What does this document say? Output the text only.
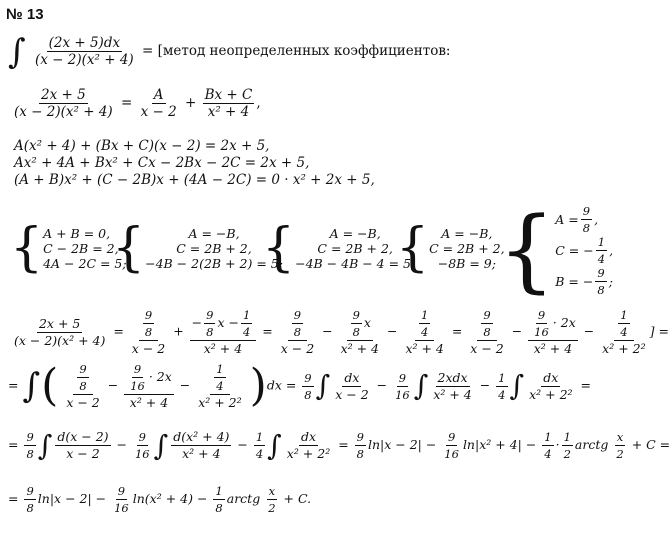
№ 13
∫ $\frac{(2x + 5)dx}{\text{(x − 2)(x² + 4)}}$ = [метод неопределенных коэффициентов:
$\frac{2x + 5}{\text{(x − 2)(x² + 4)}} = \frac{A}{x - 2} + \frac{Bx + C}{\text{x² + 4}}$ ,
A(x² + 4) + (Bx + C)(x − 2) = 2x + 5,
Ax² + 4A + Bx² + Cx − 2Bx − 2C = 2x + 5,
(A + B)x² + (C − 2B)x + (4A − 2C) = 0 · x² + 2x + 5,
{ A + B = 0,
C − 2B = 2,
4A − 2C = 5;
{	A = −B,
C = 2B + 2,
−4B − 2(2B + 2) = 5;
{	A = −B,
C = 2B + 2,
−4B − 4B − 4 = 5;
{ A = −B,
C = 2B + 2,
−8B = 9; { $A = \frac{9}{8}$ ,
C = − $\frac{1}{4}$ ,
B = − $\frac{9}{8}$ ;
$\frac{2x + 5}{\text{(x − 2)(x² + 4)}} = \frac{\frac{9}{8}}{x - 2} + \frac{- \frac{9}{8} x - \frac{1}{4}}{\text{x² + 4}} = \frac{\frac{9}{8}}{x - 2} - \frac{\frac{9}{8} x}{\text{x² + 4}} - \frac{\frac{1}{4}}{\text{x² + 4}} = \frac{\frac{9}{8}}{x - 2} - \frac{\frac{9}{16} \cdot 2x}{\text{x² + 4}} - \frac{\frac{1}{4}}{\text{x² + 2²}}$ ] =
= ∫( $\frac{\frac{9}{8}}{x - 2} - \frac{\frac{9}{16} \cdot 2x}{\text{x² + 4}} - \frac{\frac{1}{4}}{\text{x² + 2²}} )dx = \frac{9}{8}$ ∫ $\frac{dx}{x - 2} - \frac{9}{16}$ ∫ $\frac{\text{2xdx}}{\text{x² + 4}} - \frac{1}{4}$ ∫ $\frac{dx}{\text{x² + 2²}}$ =
= $\frac{9}{8}$ ∫ $\frac{d(x - 2)}{x - 2} - \frac{9}{16}$ ∫ $\frac{\text{d(x² + 4)}}{\text{x² + 4}} - \frac{1}{4}$ ∫ $\frac{dx}{\text{x² + 2²}} = \frac{9}{8} \ln|x - 2| - \frac{9}{16} \ln|x^2 + 4| - \frac{1}{4} \cdot \frac{1}{2}$ arctg $\frac{x}{2} + C$ =
= $\frac{9}{8} \ln|x - 2| - \frac{9}{16} \ln(x^2 + 4) - \frac{1}{8}$ arctg $\frac{x}{2} + C$.
